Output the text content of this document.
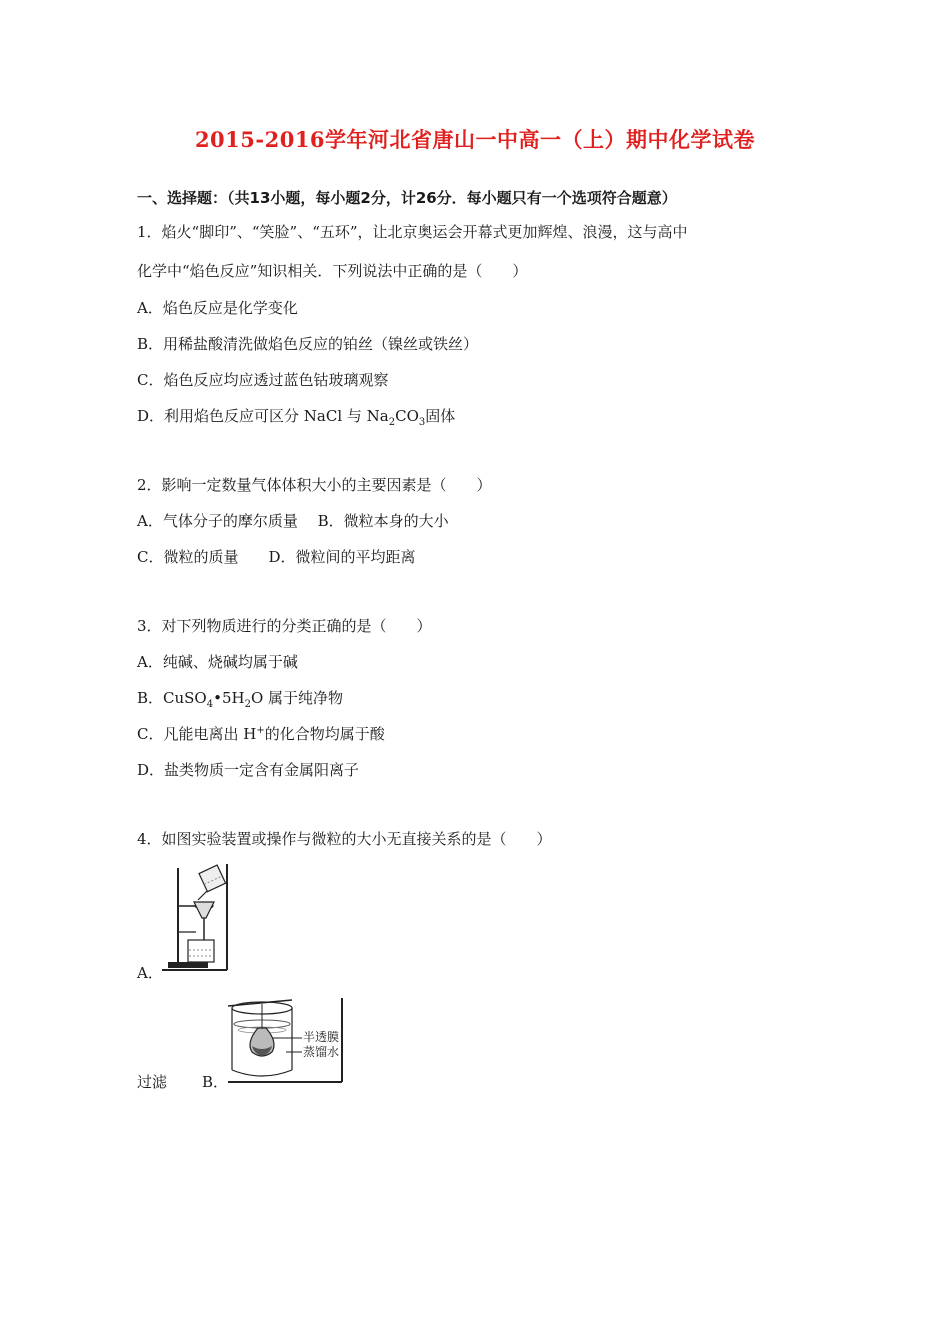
2015-2016学年河北省唐山一中高一（上）期中化学试卷
一、选择题：（共13小题，每小题2分，计26分．每小题只有一个选项符合题意）
1．焰火“脚印”、“笑脸”、“五环”，让北京奥运会开幕式更加辉煌、浪漫，这与高中
化学中“焰色反应”知识相关．下列说法中正确的是（　　）
A．焰色反应是化学变化
B．用稀盐酸清洗做焰色反应的铂丝（镍丝或铁丝）
C．焰色反应均应透过蓝色钴玻璃观察
D．利用焰色反应可区分 NaCl 与 $Na_2CO_3$固体
2．影响一定数量气体体积大小的主要因素是（　　）
A．气体分子的摩尔质量　 B．微粒本身的大小
C．微粒的质量　　D．微粒间的平均距离
3．对下列物质进行的分类正确的是（　　）
A．纯碱、烧碱均属于碱
B．$CuSO_4•5H_2O$ 属于纯净物
C．凡能电离出 H+的化合物均属于酸
D．盐类物质一定含有金属阳离子
4．如图实验装置或操作与微粒的大小无直接关系的是（　　）
A．
过滤 B．
半透膜
蒸馏水
